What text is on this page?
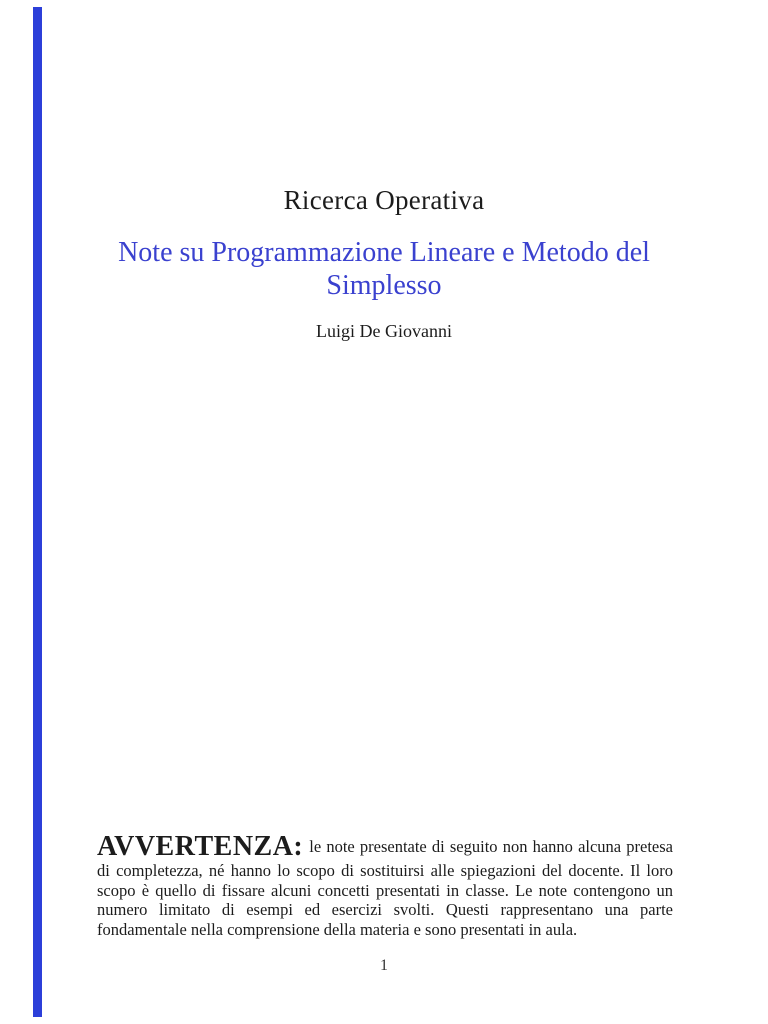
Ricerca Operativa
Note su Programmazione Lineare e Metodo del
Simplesso
Luigi De Giovanni

AVVERTENZA: le note presentate di seguito non hanno alcuna pretesa di completezza, né hanno lo scopo di sostituirsi alle spiegazioni del docente. Il loro scopo è quello di fissare alcuni concetti presentati in classe. Le note contengono un numero limitato di esempi ed esercizi svolti. Questi rappresentano una parte fondamentale nella comprensione della materia e sono presentati in aula.

1
